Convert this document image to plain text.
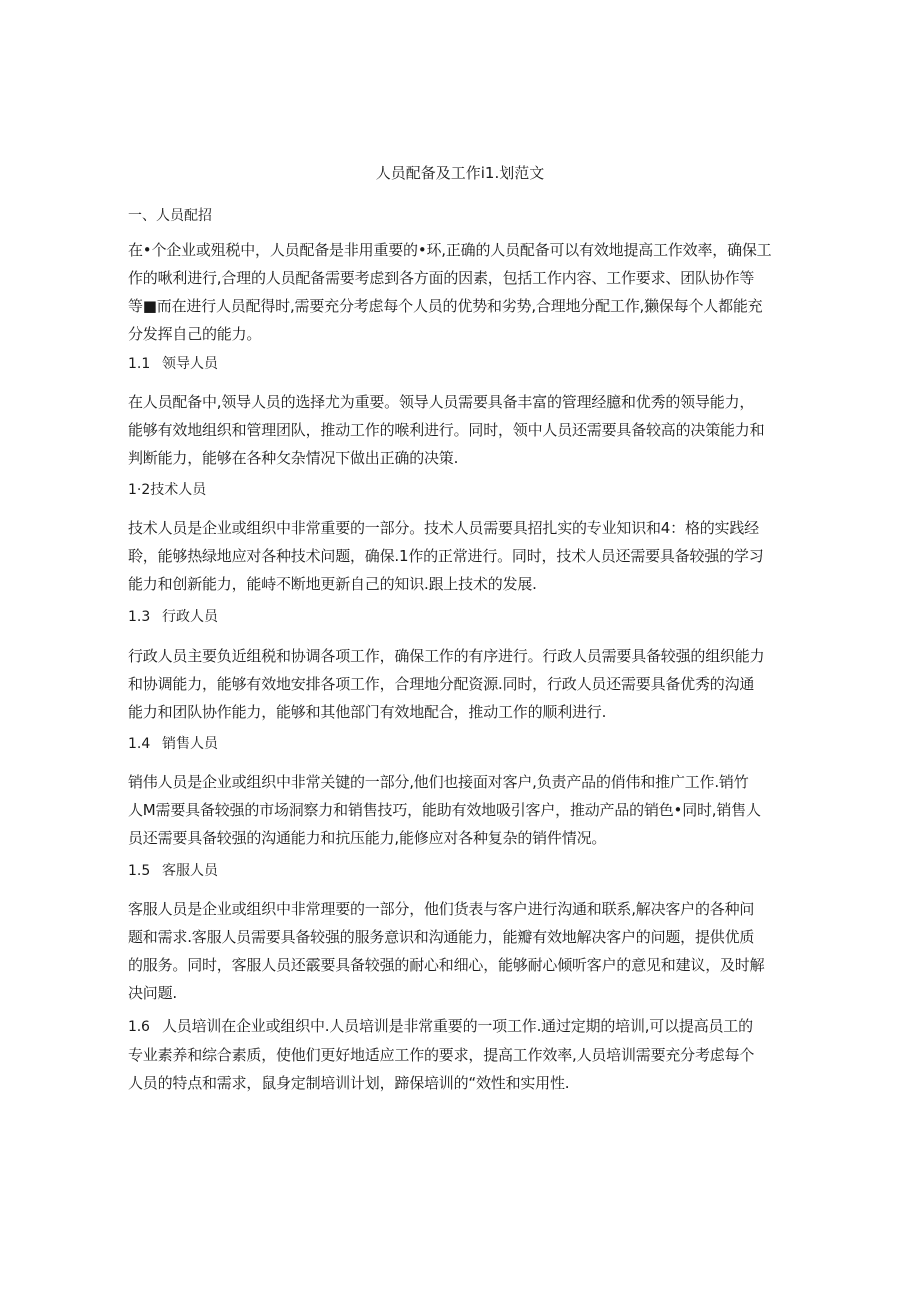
人员配备及工作i1.划范文
一、人员配招
在•个企业或殂税中，人员配备是非用重要的•环,正确的人员配备可以有效地提高工作效率，确保工
作的啾利进行,合理的人员配备需要考虑到各方面的因素，包括工作内容、工作要求、团队协作等
等■而在进行人员配得时,需要充分考虑每个人员的优势和劣势,合理地分配工作,獭保每个人都能充
分发挥自己的能力。
1.1 领导人员
在人员配备中,领导人员的选择尤为重要。领导人员需要具备丰富的管理经臆和优秀的领导能力，
能够有效地组织和管理团队，推动工作的喉利进行。同时，领中人员还需要具备较高的决策能力和
判断能力，能够在各种攵杂情况下做出正确的决策.
1·2技术人员
技术人员是企业或组织中非常重要的一部分。技术人员需要具招扎实的专业知识和4：格的实践经
聆，能够热绿地应对各种技术问题，确保.1作的正常进行。同时，技术人员还需要具备较强的学习
能力和创新能力，能峙不断地更新自己的知识.跟上技术的发展.
1.3 行政人员
行政人员主要负近组税和协调各项工作，确保工作的有序进行。行政人员需要具备较强的组织能力
和协调能力，能够有效地安排各项工作，合理地分配资源.同时，行政人员还需要具备优秀的沟通
能力和团队协作能力，能够和其他部门有效地配合，推动工作的顺利进行.
1.4 销售人员
销伟人员是企业或组织中非常关键的一部分,他们也接面对客户,负责产品的俏伟和推广工作.销竹
人M需要具备较强的市场洞察力和销售技巧，能助有效地吸引客户，推动产品的销色•同时,销售人
员还需要具备较强的沟通能力和抗压能力,能修应对各种复杂的销件情况。
1.5 客服人员
客服人员是企业或组织中非常理要的一部分，他们货表与客户进行沟通和联系,解决客户的各种问
题和需求.客服人员需要具备较强的服务意识和沟通能力，能瓣有效地解决客户的问题，提供优质
的服务。同时，客服人员还霰要具备较强的耐心和细心，能够耐心倾听客户的意见和建议，及时解
决问题.
1.6 人员培训在企业或组织中.人员培训是非常重要的一项工作.通过定期的培训,可以提高员工的
专业素养和综合素质，使他们更好地适应工作的要求，提高工作效率,人员培训需要充分考虑每个
人员的特点和需求，鼠身定制培训计划，蹄保培训的“效性和实用性.
